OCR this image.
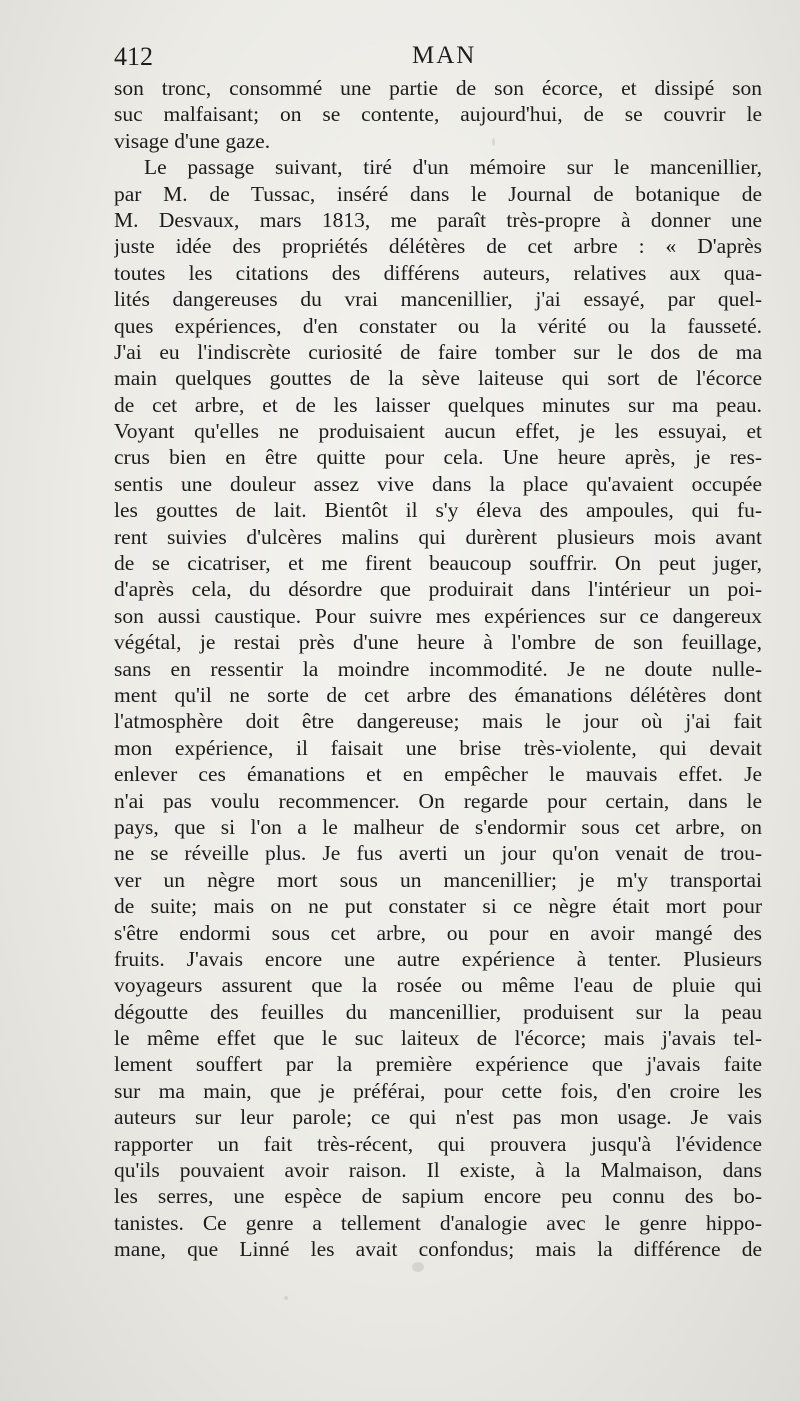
412	MAN
son tronc, consommé une partie de son écorce, et dissipé son
suc malfaisant; on se contente, aujourd'hui, de se couvrir le
visage d'une gaze.
Le passage suivant, tiré d'un mémoire sur le mancenillier,
par M. de Tussac, inséré dans le Journal de botanique de
M. Desvaux, mars 1813, me paraît très-propre à donner une
juste idée des propriétés délétères de cet arbre : « D'après
toutes les citations des différens auteurs, relatives aux qua-
lités dangereuses du vrai mancenillier, j'ai essayé, par quel-
ques expériences, d'en constater ou la vérité ou la fausseté.
J'ai eu l'indiscrète curiosité de faire tomber sur le dos de ma
main quelques gouttes de la sève laiteuse qui sort de l'écorce
de cet arbre, et de les laisser quelques minutes sur ma peau.
Voyant qu'elles ne produisaient aucun effet, je les essuyai, et
crus bien en être quitte pour cela. Une heure après, je res-
sentis une douleur assez vive dans la place qu'avaient occupée
les gouttes de lait. Bientôt il s'y éleva des ampoules, qui fu-
rent suivies d'ulcères malins qui durèrent plusieurs mois avant
de se cicatriser, et me firent beaucoup souffrir. On peut juger,
d'après cela, du désordre que produirait dans l'intérieur un poi-
son aussi caustique. Pour suivre mes expériences sur ce dangereux
végétal, je restai près d'une heure à l'ombre de son feuillage,
sans en ressentir la moindre incommodité. Je ne doute nulle-
ment qu'il ne sorte de cet arbre des émanations délétères dont
l'atmosphère doit être dangereuse; mais le jour où j'ai fait
mon expérience, il faisait une brise très-violente, qui devait
enlever ces émanations et en empêcher le mauvais effet. Je
n'ai pas voulu recommencer. On regarde pour certain, dans le
pays, que si l'on a le malheur de s'endormir sous cet arbre, on
ne se réveille plus. Je fus averti un jour qu'on venait de trou-
ver un nègre mort sous un mancenillier; je m'y transportai
de suite; mais on ne put constater si ce nègre était mort pour
s'être endormi sous cet arbre, ou pour en avoir mangé des
fruits. J'avais encore une autre expérience à tenter. Plusieurs
voyageurs assurent que la rosée ou même l'eau de pluie qui
dégoutte des feuilles du mancenillier, produisent sur la peau
le même effet que le suc laiteux de l'écorce; mais j'avais tel-
lement souffert par la première expérience que j'avais faite
sur ma main, que je préférai, pour cette fois, d'en croire les
auteurs sur leur parole; ce qui n'est pas mon usage. Je vais
rapporter un fait très-récent, qui prouvera jusqu'à l'évidence
qu'ils pouvaient avoir raison. Il existe, à la Malmaison, dans
les serres, une espèce de sapium encore peu connu des bo-
tanistes. Ce genre a tellement d'analogie avec le genre hippo-
mane, que Linné les avait confondus; mais la différence de
